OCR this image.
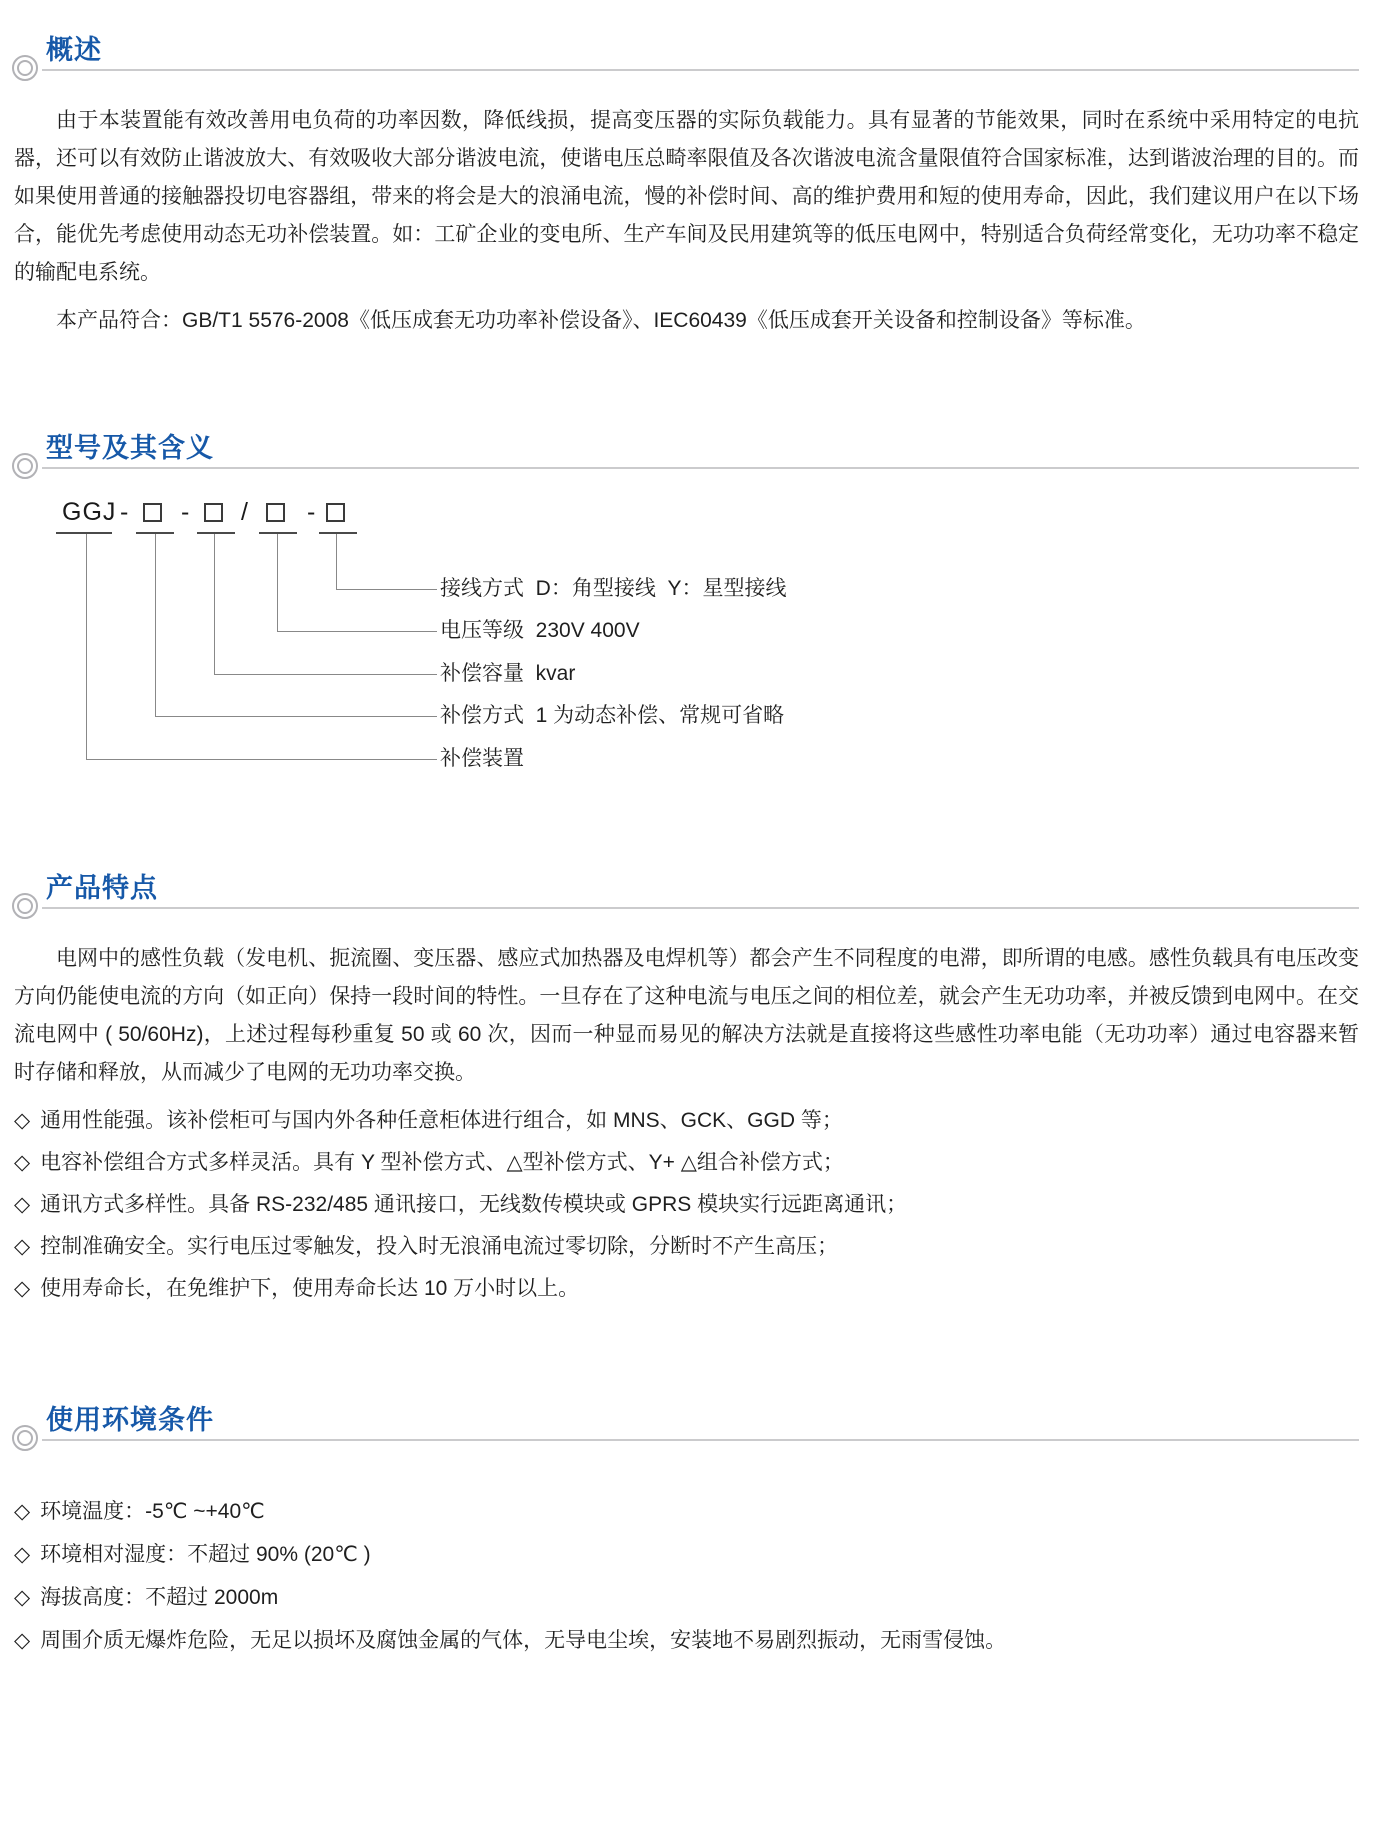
概述

由于本装置能有效改善用电负荷的功率因数，降低线损，提高变压器的实际负载能力。具有显著的节能效果，同时在系统中采用特定的电抗器，还可以有效防止谐波放大、有效吸收大部分谐波电流，使谐电压总畸率限值及各次谐波电流含量限值符合国家标准，达到谐波治理的目的。而如果使用普通的接触器投切电容器组，带来的将会是大的浪涌电流，慢的补偿时间、高的维护费用和短的使用寿命，因此，我们建议用户在以下场合，能优先考虑使用动态无功补偿装置。如：工矿企业的变电所、生产车间及民用建筑等的低压电网中，特别适合负荷经常变化，无功功率不稳定的输配电系统。

本产品符合：GB/T1 5576-2008《低压成套无功功率补偿设备》、IEC60439《低压成套开关设备和控制设备》等标准。

型号及其含义
GGJ - - / -
接线方式  D：角型接线  Y：星型接线
电压等级  230V 400V
补偿容量  kvar
补偿方式  1 为动态补偿、常规可省略
补偿装置
产品特点

电网中的感性负载（发电机、扼流圈、变压器、感应式加热器及电焊机等）都会产生不同程度的电滞，即所谓的电感。感性负载具有电压改变方向仍能使电流的方向（如正向）保持一段时间的特性。一旦存在了这种电流与电压之间的相位差，就会产生无功功率，并被反馈到电网中。在交流电网中 ( 50/60Hz)，上述过程每秒重复 50 或 60 次，因而一种显而易见的解决方法就是直接将这些感性功率电能（无功功率）通过电容器来暂时存储和释放，从而减少了电网的无功功率交换。

◇ 通用性能强。该补偿柜可与国内外各种任意柜体进行组合，如 MNS、GCK、GGD 等；
◇ 电容补偿组合方式多样灵活。具有 Y 型补偿方式、△型补偿方式、Y+ △组合补偿方式；
◇ 通讯方式多样性。具备 RS-232/485 通讯接口，无线数传模块或 GPRS 模块实行远距离通讯；
◇ 控制准确安全。实行电压过零触发，投入时无浪涌电流过零切除，分断时不产生高压；
◇ 使用寿命长，在免维护下，使用寿命长达 10 万小时以上。
使用环境条件
◇ 环境温度：-5℃ ~+40℃
◇ 环境相对湿度：不超过 90% (20℃ )
◇ 海拔高度：不超过 2000m
◇ 周围介质无爆炸危险，无足以损坏及腐蚀金属的气体，无导电尘埃，安装地不易剧烈振动，无雨雪侵蚀。
